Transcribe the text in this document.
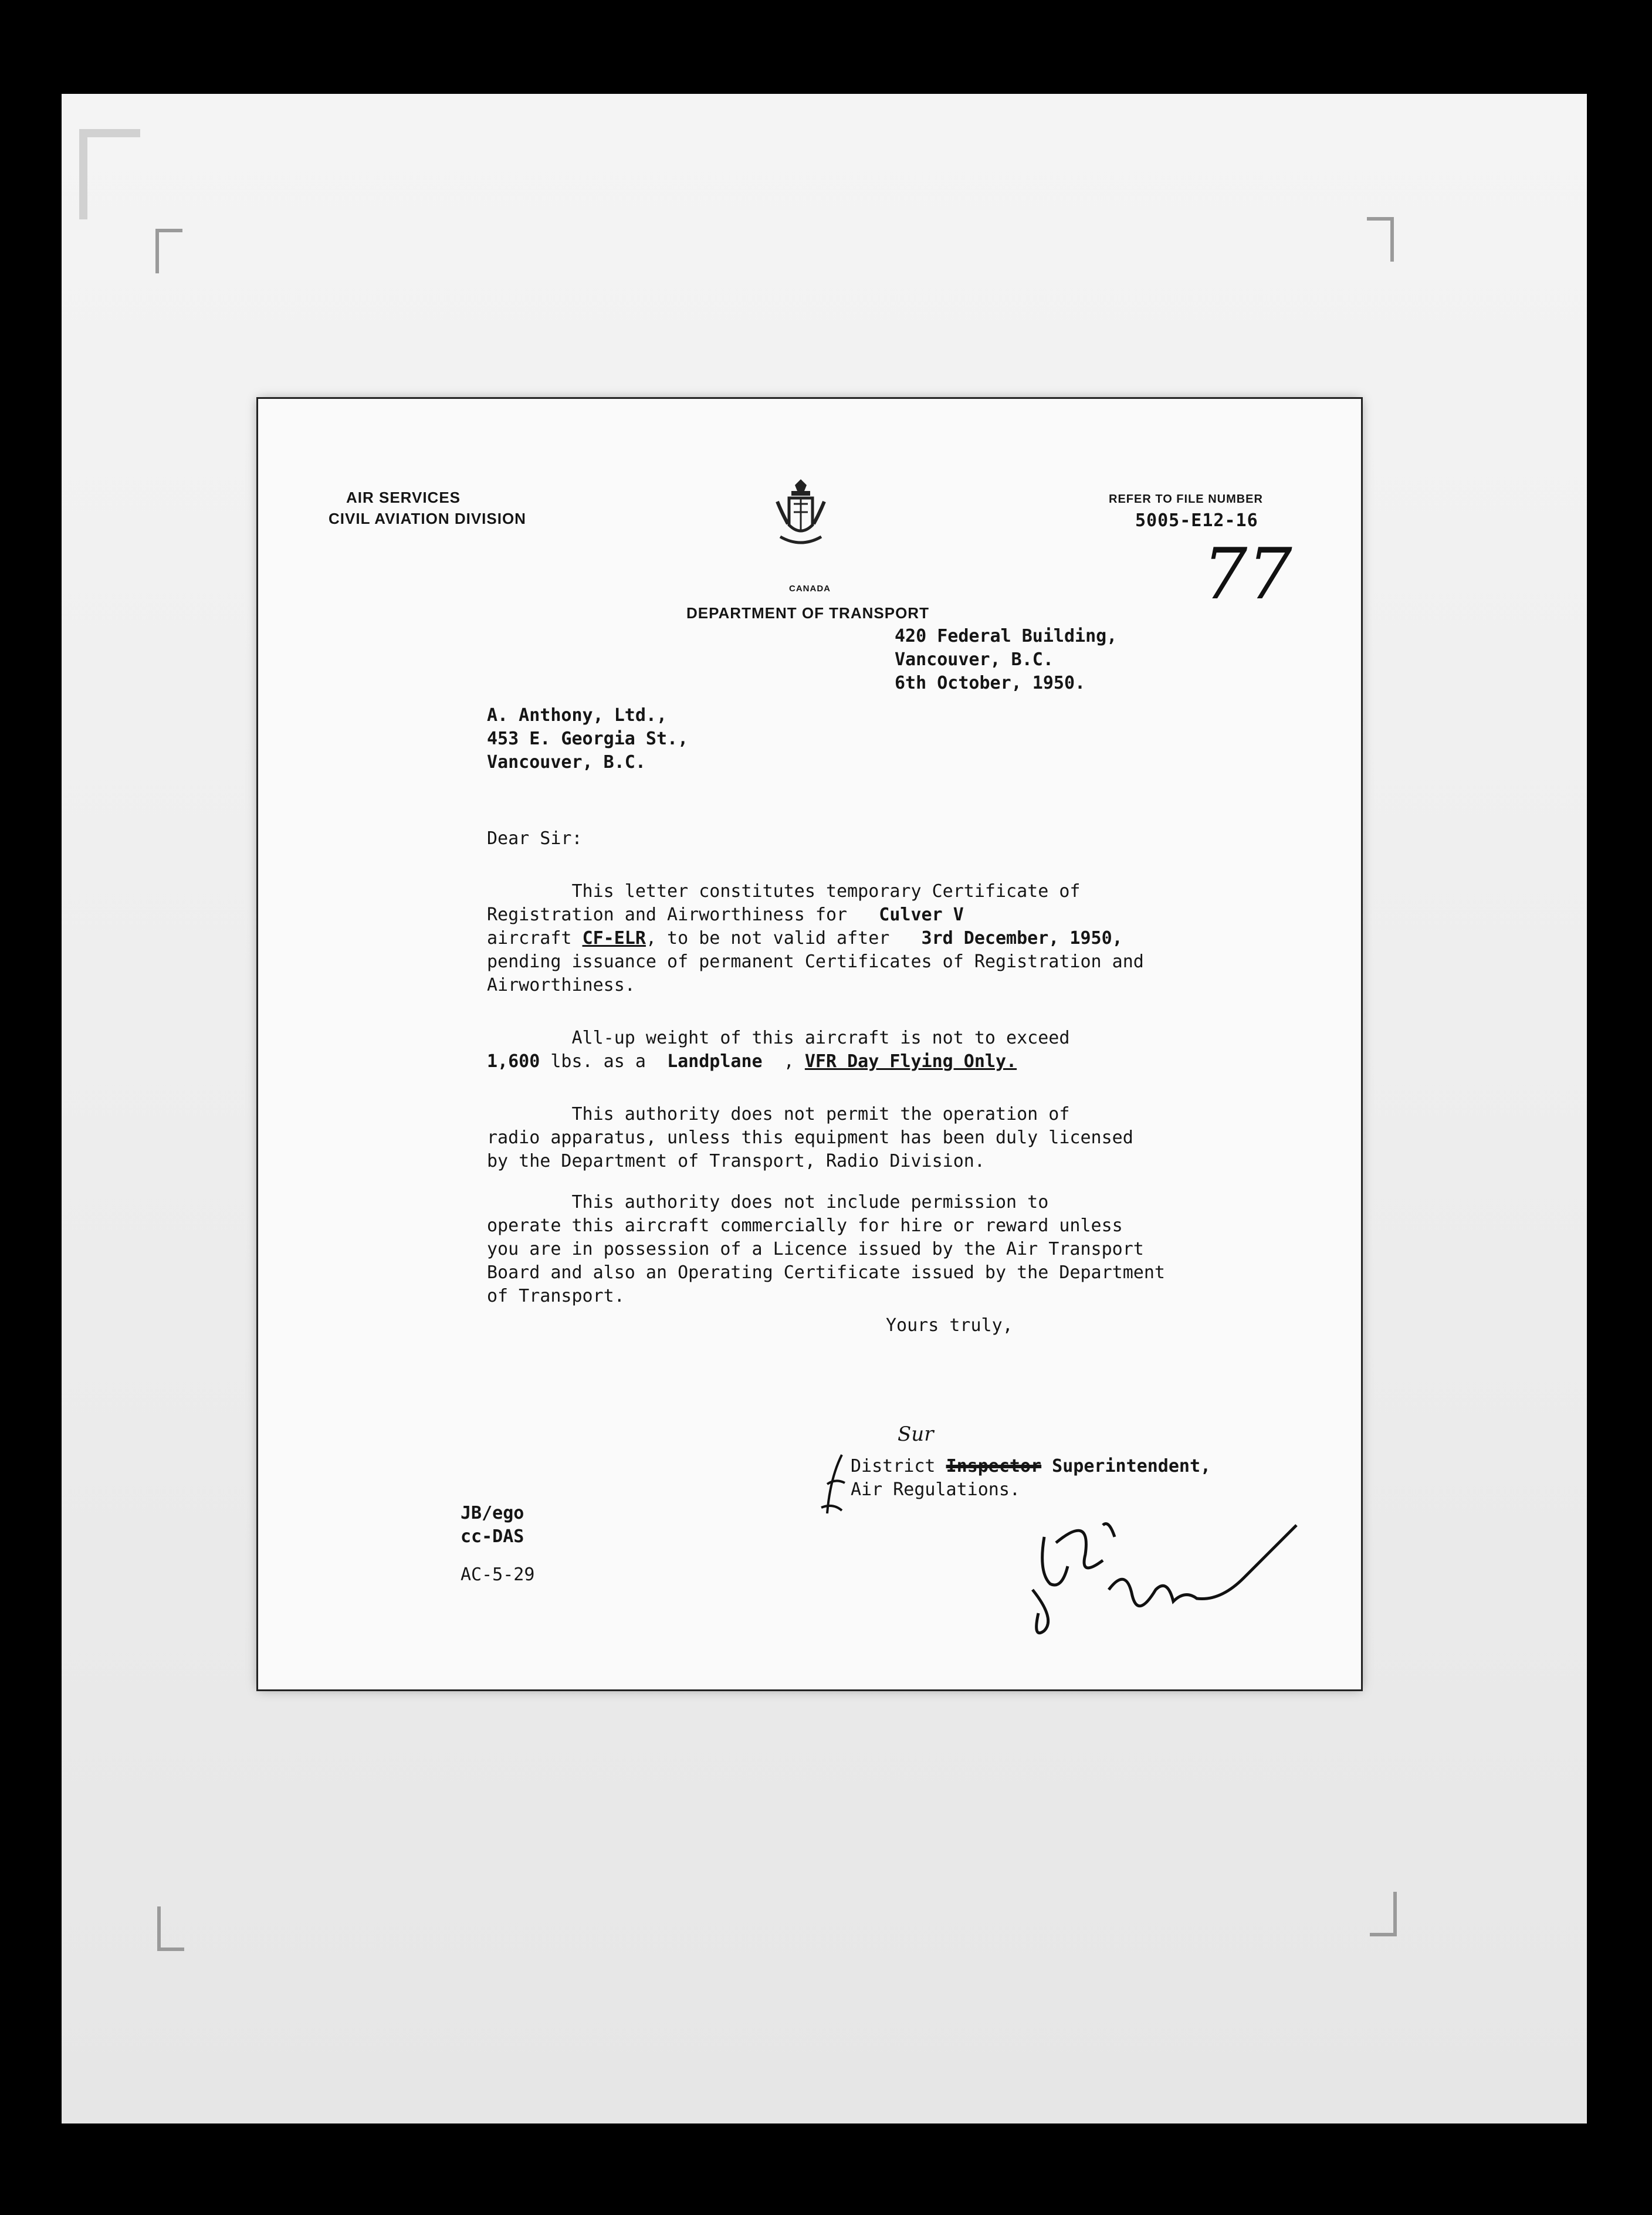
AIR SERVICES
CIVIL AVIATION DIVISION
CANADA
DEPARTMENT OF TRANSPORT
REFER TO FILE NUMBER
5005-E12-16
77
420 Federal Building,
Vancouver, B.C.
6th October, 1950.
A. Anthony, Ltd.,
453 E. Georgia St.,
Vancouver, B.C.
Dear Sir:
This letter constitutes temporary Certificate of
Registration and Airworthiness for   Culver V
aircraft CF-ELR, to be not valid after   3rd December, 1950,
pending issuance of permanent Certificates of Registration and
Airworthiness.
All-up weight of this aircraft is not to exceed
1,600 lbs. as a  Landplane  , VFR Day Flying Only.
This authority does not permit the operation of
radio apparatus, unless this equipment has been duly licensed
by the Department of Transport, Radio Division.
This authority does not include permission to
operate this aircraft commercially for hire or reward unless
you are in possession of a Licence issued by the Air Transport
Board and also an Operating Certificate issued by the Department
of Transport.
Yours truly,
Sur
District Inspector Superintendent,
Air Regulations.
JB/ego
cc-DAS
AC-5-29
